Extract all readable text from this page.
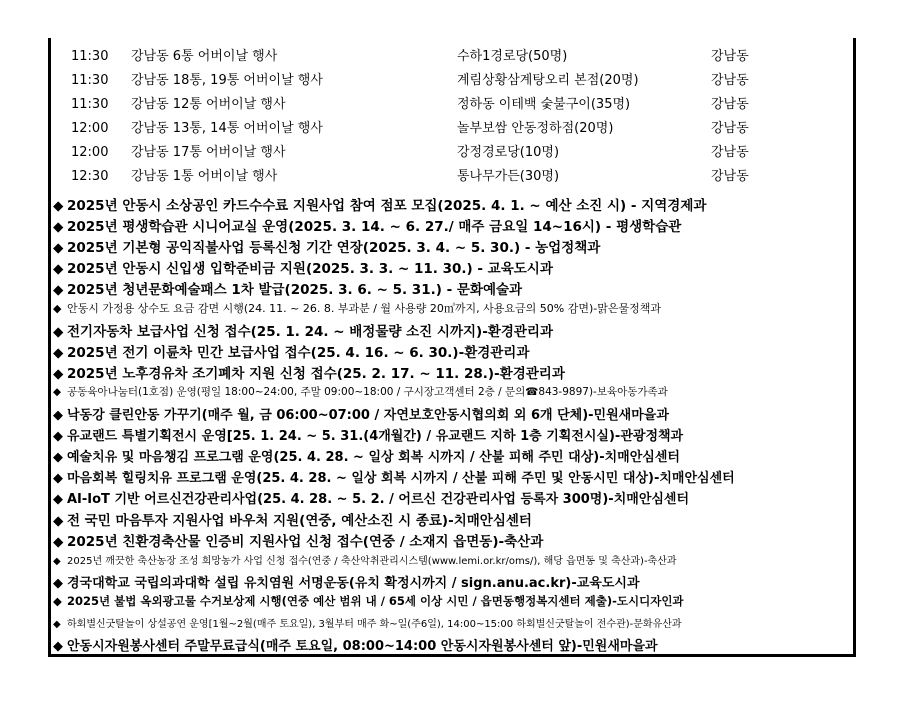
11:30 강남동 6통 어버이날 행사	수하1경로당(50명)	강남동
11:30 강남동 18통, 19통 어버이날 행사	계림상황삼계탕오리 본점(20명)	강남동
11:30 강남동 12통 어버이날 행사	정하동 이테백 숯불구이(35명)	강남동
12:00 강남동 13통, 14통 어버이날 행사	놀부보쌈 안동정하점(20명)	강남동
12:00 강남동 17통 어버이날 행사	강정경로당(10명)	강남동
12:30 강남동 1통 어버이날 행사	통나무가든(30명)	강남동
◆ 2025년 안동시 소상공인 카드수수료 지원사업 참여 점포 모집(2025. 4. 1. ~ 예산 소진 시) - 지역경제과
◆ 2025년 평생학습관 시니어교실 운영(2025. 3. 14. ~ 6. 27./ 매주 금요일 14~16시) - 평생학습관
◆ 2025년 기본형 공익직불사업 등록신청 기간 연장(2025. 3. 4. ~ 5. 30.) - 농업정책과
◆ 2025년 안동시 신입생 입학준비금 지원(2025. 3. 3. ~ 11. 30.) - 교육도시과
◆ 2025년 청년문화예술패스 1차 발급(2025. 3. 6. ~ 5. 31.) - 문화예술과
◆ 안동시 가정용 상수도 요금 감면 시행(24. 11. ~ 26. 8. 부과분 / 월 사용량 20㎥까지, 사용요금의 50% 감면)-맑은물정책과
◆ 전기자동차 보급사업 신청 접수(25. 1. 24. ~ 배정물량 소진 시까지)-환경관리과
◆ 2025년 전기 이륜차 민간 보급사업 접수(25. 4. 16. ~ 6. 30.)-환경관리과
◆ 2025년 노후경유차 조기폐차 지원 신청 접수(25. 2. 17. ~ 11. 28.)-환경관리과
◆ 공동육아나눔터(1호점) 운영(평일 18:00~24:00, 주말 09:00~18:00 / 구시장고객센터 2층 / 문의☎843-9897)-보육아동가족과
◆ 낙동강 클린안동 가꾸기(매주 월, 금 06:00~07:00 / 자연보호안동시협의회 외 6개 단체)-민원새마을과
◆ 유교랜드 특별기획전시 운영[25. 1. 24. ~ 5. 31.(4개월간) / 유교랜드 지하 1층 기획전시실)-관광정책과
◆ 예술치유 및 마음챙김 프로그램 운영(25. 4. 28. ~ 일상 회복 시까지 / 산불 피해 주민 대상)-치매안심센터
◆ 마음회복 힐링치유 프로그램 운영(25. 4. 28. ~ 일상 회복 시까지 / 산불 피해 주민 및 안동시민 대상)-치매안심센터
◆ AI-IoT 기반 어르신건강관리사업(25. 4. 28. ~ 5. 2. / 어르신 건강관리사업 등록자 300명)-치매안심센터
◆ 전 국민 마음투자 지원사업 바우처 지원(연중, 예산소진 시 종료)-치매안심센터
◆ 2025년 친환경축산물 인증비 지원사업 신청 접수(연중 / 소재지 읍면동)-축산과
◆ 2025년 깨끗한 축산농장 조성 희망농가 사업 신청 접수(연중 / 축산악취관리시스템(www.lemi.or.kr/oms/), 해당 읍면동 및 축산과)-축산과
◆ 경국대학교 국립의과대학 설립 유치염원 서명운동(유치 확정시까지 / sign.anu.ac.kr)-교육도시과
◆ 2025년 불법 옥외광고물 수거보상제 시행(연중 예산 범위 내 / 65세 이상 시민 / 읍면동행정복지센터 제출)-도시디자인과
◆ 하회별신굿탈놀이 상설공연 운영[1월~2월(매주 토요일), 3월부터 매주 화~일(주6일), 14:00~15:00 하회별신굿탈놀이 전수관)-문화유산과
◆ 안동시자원봉사센터 주말무료급식(매주 토요일, 08:00~14:00 안동시자원봉사센터 앞)-민원새마을과
